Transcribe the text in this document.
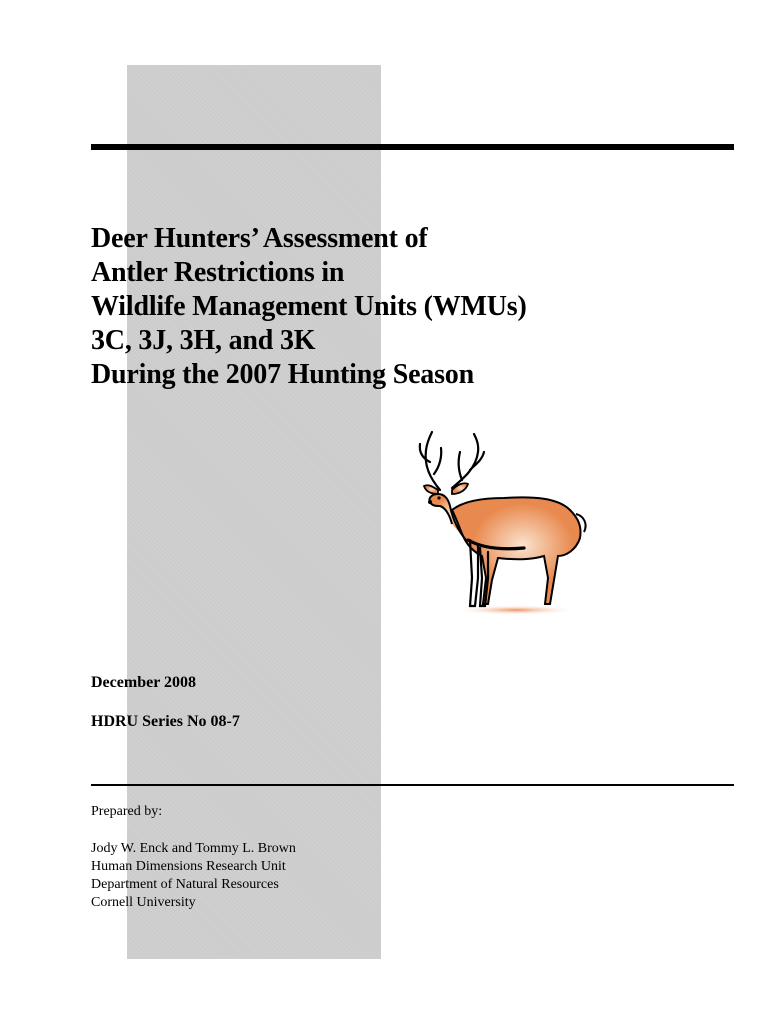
Deer Hunters’ Assessment of
Antler Restrictions in
Wildlife Management Units (WMUs)
3C, 3J, 3H, and 3K
During the 2007 Hunting Season

December 2008

HDRU Series No 08-7

Prepared by:

Jody W. Enck and Tommy L. Brown
Human Dimensions Research Unit
Department of Natural Resources
Cornell University
